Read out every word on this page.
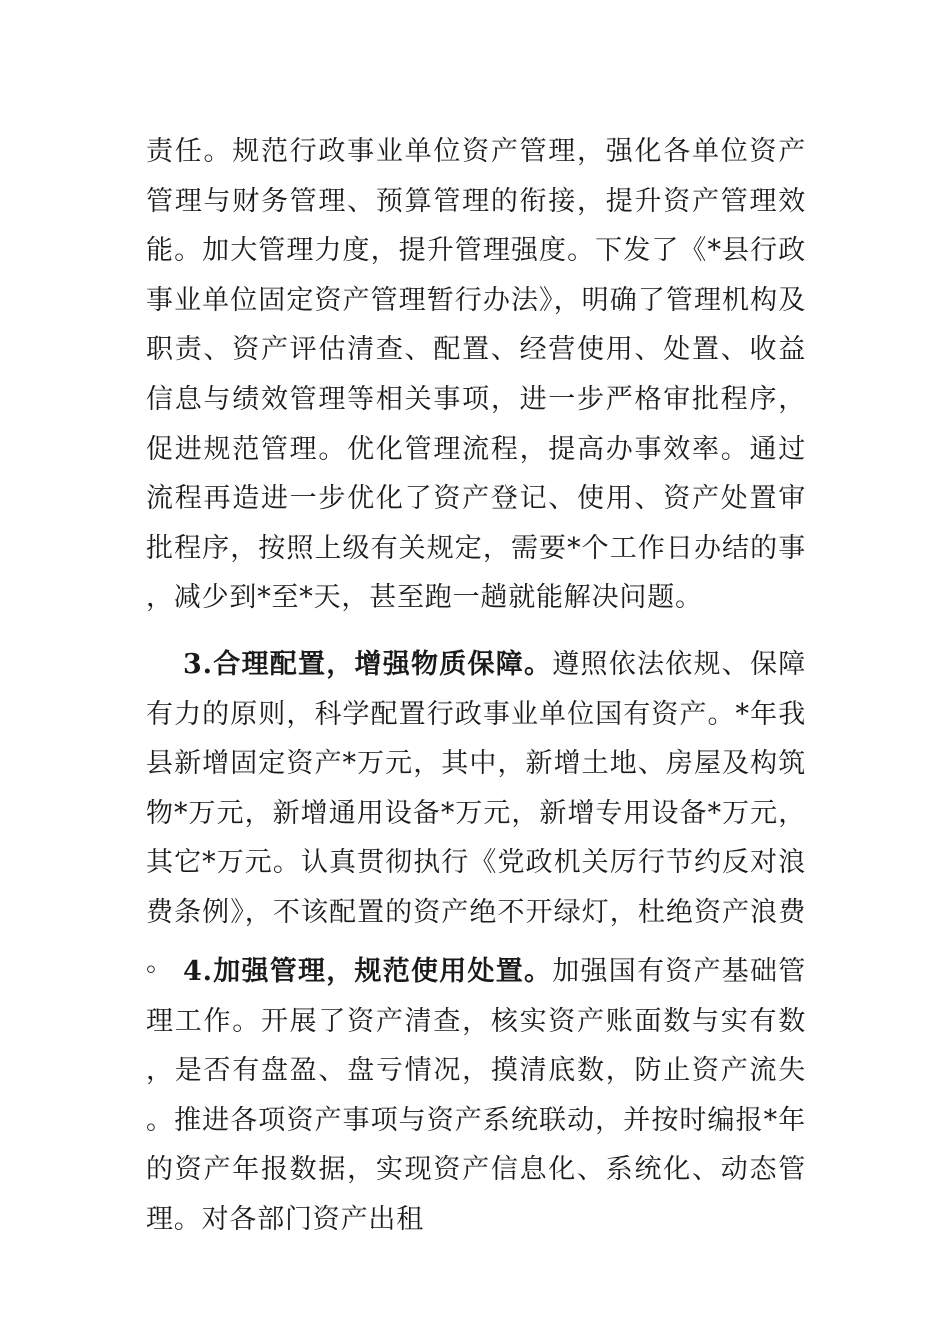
责任。规范行政事业单位资产管理，强化各单位资产管理与财务管理、预算管理的衔接，提升资产管理效能。加大管理力度，提升管理强度。下发了《*县行政事业单位固定资产管理暂行办法》，明确了管理机构及职责、资产评估清查、配置、经营使用、处置、收益信息与绩效管理等相关事项，进一步严格审批程序，促进规范管理。优化管理流程，提高办事效率。通过流程再造进一步优化了资产登记、使用、资产处置审批程序，按照上级有关规定，需要*个工作日办结的事，减少到*至*天，甚至跑一趟就能解决问题。

3.合理配置，增强物质保障。遵照依法依规、保障有力的原则，科学配置行政事业单位国有资产。*年我县新增固定资产*万元，其中，新增土地、房屋及构筑物*万元，新增通用设备*万元，新增专用设备*万元，其它*万元。认真贯彻执行《党政机关厉行节约反对浪费条例》，不该配置的资产绝不开绿灯，杜绝资产浪费。 4.加强管理，规范使用处置。加强国有资产基础管理工作。开展了资产清查，核实资产账面数与实有数，是否有盘盈、盘亏情况，摸清底数，防止资产流失。推进各项资产事项与资产系统联动，并按时编报*年的资产年报数据，实现资产信息化、系统化、动态管理。对各部门资产出租
